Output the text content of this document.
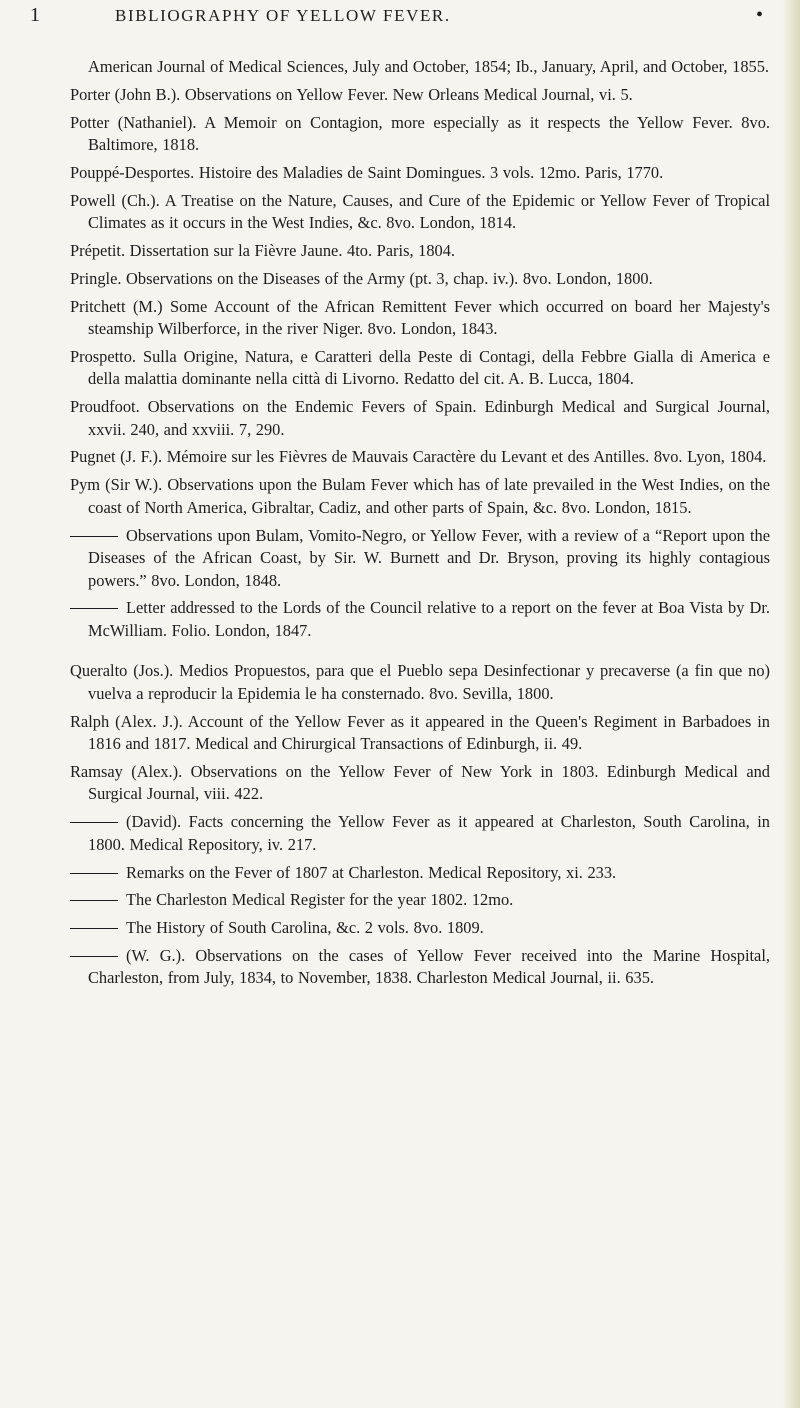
1	BIBLIOGRAPHY OF YELLOW FEVER.	•

American Journal of Medical Sciences, July and October, 1854; Ib., January, April, and October, 1855.

Porter (John B.). Observations on Yellow Fever. New Orleans Medical Journal, vi. 5.

Potter (Nathaniel). A Memoir on Contagion, more especially as it respects the Yellow Fever. 8vo. Baltimore, 1818.

Pouppé-Desportes. Histoire des Maladies de Saint Domingues. 3 vols. 12mo. Paris, 1770.

Powell (Ch.). A Treatise on the Nature, Causes, and Cure of the Epidemic or Yellow Fever of Tropical Climates as it occurs in the West Indies, &c. 8vo. London, 1814.

Prépetit. Dissertation sur la Fièvre Jaune. 4to. Paris, 1804.

Pringle. Observations on the Diseases of the Army (pt. 3, chap. iv.). 8vo. London, 1800.

Pritchett (M.) Some Account of the African Remittent Fever which occurred on board her Majesty's steamship Wilberforce, in the river Niger. 8vo. London, 1843.

Prospetto. Sulla Origine, Natura, e Caratteri della Peste di Contagi, della Febbre Gialla di America e della malattia dominante nella città di Livorno. Redatto del cit. A. B. Lucca, 1804.

Proudfoot. Observations on the Endemic Fevers of Spain. Edinburgh Medical and Surgical Journal, xxvii. 240, and xxviii. 7, 290.

Pugnet (J. F.). Mémoire sur les Fièvres de Mauvais Caractère du Levant et des Antilles. 8vo. Lyon, 1804.

Pym (Sir W.). Observations upon the Bulam Fever which has of late prevailed in the West Indies, on the coast of North America, Gibraltar, Cadiz, and other parts of Spain, &c. 8vo. London, 1815.

Observations upon Bulam, Vomito-Negro, or Yellow Fever, with a review of a “Report upon the Diseases of the African Coast, by Sir. W. Burnett and Dr. Bryson, proving its highly contagious powers.” 8vo. London, 1848.

Letter addressed to the Lords of the Council relative to a report on the fever at Boa Vista by Dr. McWilliam. Folio. London, 1847.

Queralto (Jos.). Medios Propuestos, para que el Pueblo sepa Desinfectionar y precaverse (a fin que no) vuelva a reproducir la Epidemia le ha consternado. 8vo. Sevilla, 1800.

Ralph (Alex. J.). Account of the Yellow Fever as it appeared in the Queen's Regiment in Barbadoes in 1816 and 1817. Medical and Chirurgical Transactions of Edinburgh, ii. 49.

Ramsay (Alex.). Observations on the Yellow Fever of New York in 1803. Edinburgh Medical and Surgical Journal, viii. 422.

(David). Facts concerning the Yellow Fever as it appeared at Charleston, South Carolina, in 1800. Medical Repository, iv. 217.

Remarks on the Fever of 1807 at Charleston. Medical Repository, xi. 233.

The Charleston Medical Register for the year 1802. 12mo.

The History of South Carolina, &c. 2 vols. 8vo. 1809.

(W. G.). Observations on the cases of Yellow Fever received into the Marine Hospital, Charleston, from July, 1834, to November, 1838. Charleston Medical Journal, ii. 635.
